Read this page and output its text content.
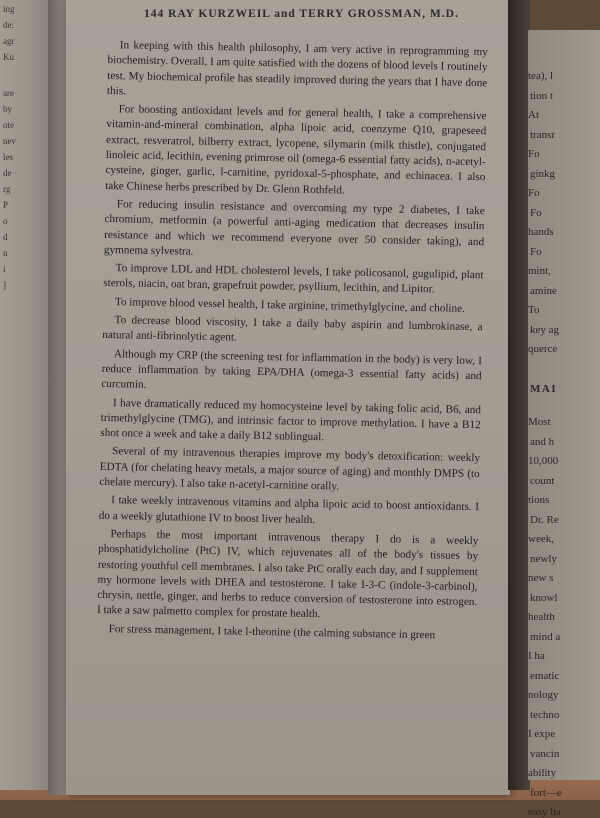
ing
de:
agr
Ku
are
by
ote
nev
les
de
rg
P
o
d
n
i
]
144 RAY KURZWEIL and TERRY GROSSMAN, M.D.

In keeping with this health philosophy, I am very active in reprogramming my biochemistry. Overall, I am quite satisfied with the dozens of blood levels I routinely test. My biochemical profile has steadily improved during the years that I have done this.

For boosting antioxidant levels and for general health, I take a comprehensive vitamin-and-mineral combination, alpha lipoic acid, coenzyme Q10, grapeseed extract, resveratrol, bilberry extract, lycopene, silymarin (milk thistle), conjugated linoleic acid, lecithin, evening primrose oil (omega-6 essential fatty acids), n-acetyl-cysteine, ginger, garlic, l-carnitine, pyridoxal-5-phosphate, and echinacea. I also take Chinese herbs prescribed by Dr. Glenn Rothfeld.

For reducing insulin resistance and overcoming my type 2 diabetes, I take chromium, metformin (a powerful anti-aging medication that decreases insulin resistance and which we recommend everyone over 50 consider taking), and gymnema sylvestra.

To improve LDL and HDL cholesterol levels, I take policosanol, gugulipid, plant sterols, niacin, oat bran, grapefruit powder, psyllium, lecithin, and Lipitor.

To improve blood vessel health, I take arginine, trimethylglycine, and choline.

To decrease blood viscosity, I take a daily baby aspirin and lumbrokinase, a natural anti-fibrinolytic agent.

Although my CRP (the screening test for inflammation in the body) is very low, I reduce inflammation by taking EPA/DHA (omega-3 essential fatty acids) and curcumin.

I have dramatically reduced my homocysteine level by taking folic acid, B6, and trimethylglycine (TMG), and intrinsic factor to improve methylation. I have a B12 shot once a week and take a daily B12 sublingual.

Several of my intravenous therapies improve my body's detoxification: weekly EDTA (for chelating heavy metals, a major source of aging) and monthly DMPS (to chelate mercury). I also take n-acetyl-carnitine orally.

I take weekly intravenous vitamins and alpha lipoic acid to boost antioxidants. I do a weekly glutathione IV to boost liver health.

Perhaps the most important intravenous therapy I do is a weekly phosphatidylcholine (PtC) IV, which rejuvenates all of the body's tissues by restoring youthful cell membranes. I also take PtC orally each day, and I supplement my hormone levels with DHEA and testosterone. I take I-3-C (indole-3-carbinol), chrysin, nettle, ginger, and herbs to reduce conversion of testosterone into estrogen. I take a saw palmetto complex for prostate health.

For stress management, I take l-theonine (the calming substance in green

tea), l
tion t
At
transr
Fo
ginkg
Fo
Fo
hands
Fo
mint,
amine
To
key ag
querce
MAI
Most
and h
10,000
count
tions
Dr. Re
week,
newly
new s
knowl
health
mind a
I ha
ematic
nology
techno
I expe
vancin
ability
fort—e
easy ha
